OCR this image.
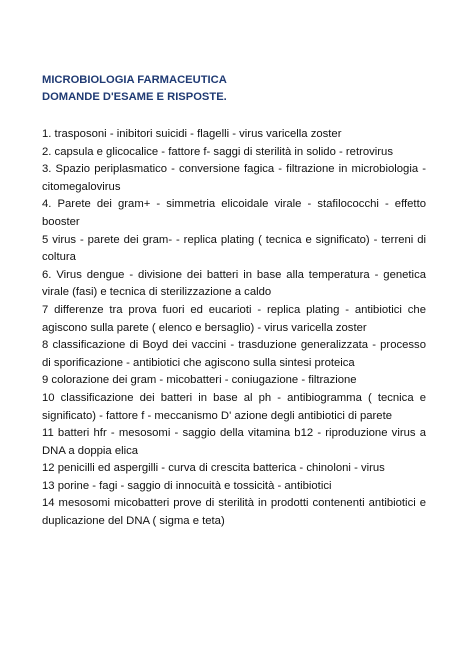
MICROBIOLOGIA FARMACEUTICA

DOMANDE D'ESAME E RISPOSTE.

1. trasposoni - inibitori suicidi - flagelli - virus varicella zoster

2. capsula e glicocalice - fattore f- saggi di sterilità in solido - retrovirus

3. Spazio periplasmatico - conversione fagica - filtrazione in microbiologia - citomegalovirus

4. Parete dei gram+ - simmetria elicoidale virale - stafilococchi - effetto booster

5 virus - parete dei gram- - replica plating ( tecnica e significato) - terreni di coltura

6. Virus dengue - divisione dei batteri in base alla temperatura - genetica virale (fasi) e tecnica di sterilizzazione a caldo

7 differenze tra prova fuori ed eucarioti - replica plating - antibiotici che agiscono sulla parete ( elenco e bersaglio) - virus varicella zoster

8 classificazione di Boyd dei vaccini - trasduzione generalizzata - processo di sporificazione - antibiotici che agiscono sulla sintesi proteica

9 colorazione dei gram - micobatteri - coniugazione - filtrazione

10 classificazione dei batteri in base al ph - antibiogramma ( tecnica e significato) - fattore f - meccanismo D' azione degli antibiotici di parete

11 batteri hfr - mesosomi - saggio della vitamina b12 - riproduzione virus a DNA a doppia elica

12 penicilli ed aspergilli - curva di crescita batterica - chinoloni - virus

13 porine - fagi - saggio di innocuità e tossicità - antibiotici

14 mesosomi micobatteri prove di sterilità in prodotti contenenti antibiotici e duplicazione del DNA ( sigma e teta)
